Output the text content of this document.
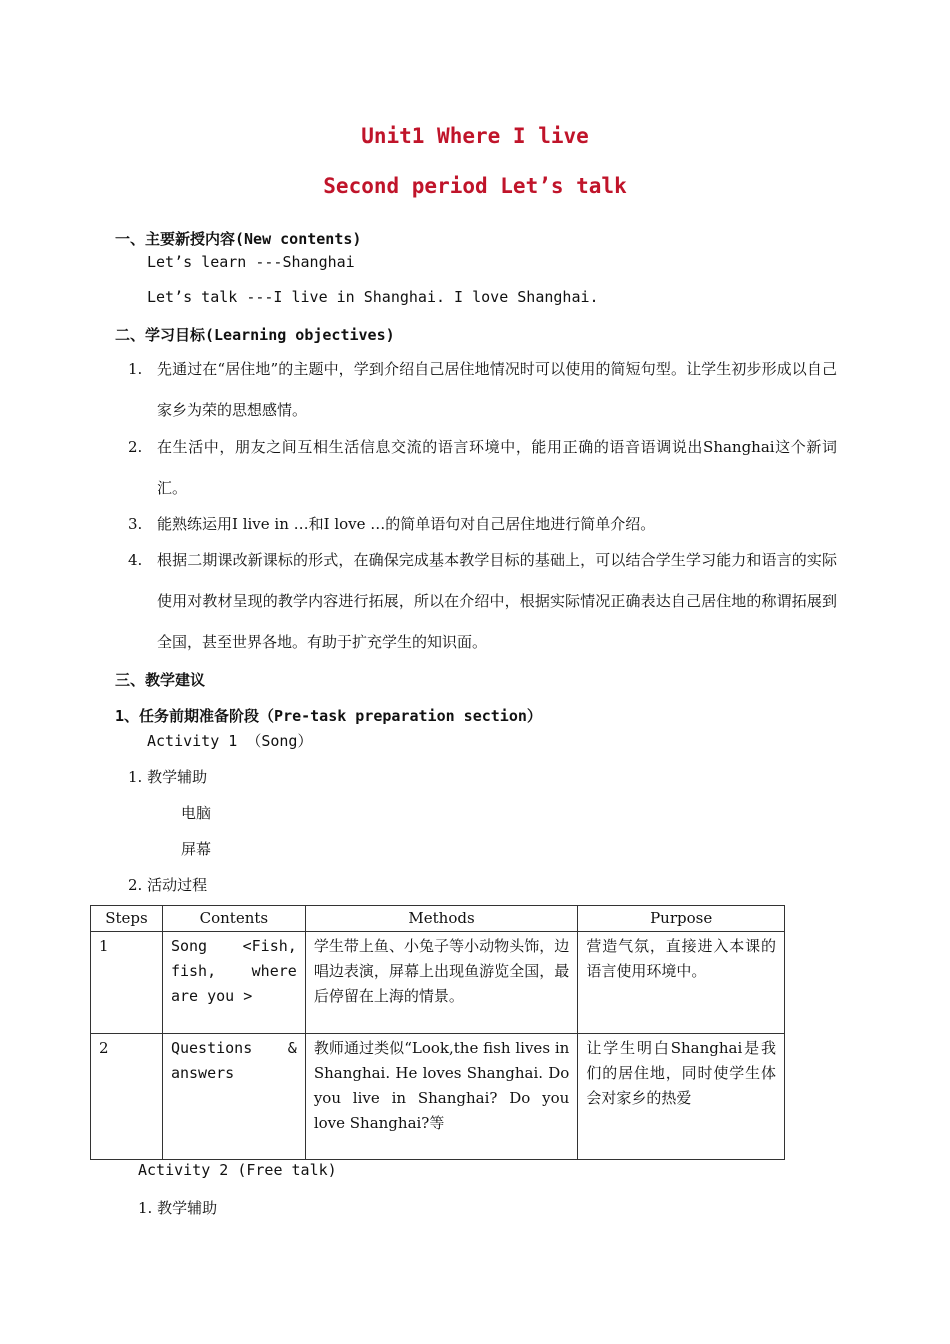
Unit1 Where I live
Second period Let’s talk
一、主要新授内容(New contents)
Let’s learn ---Shanghai
Let’s talk ---I live in Shanghai. I love Shanghai.
二、学习目标(Learning objectives)
1. 先通过在“居住地”的主题中，学到介绍自己居住地情况时可以使用的简短句型。让学生初步形成以自己家乡为荣的思想感情。
2. 在生活中，朋友之间互相生活信息交流的语言环境中，能用正确的语音语调说出Shanghai这个新词汇。
3. 能熟练运用I live in …和I love …的简单语句对自己居住地进行简单介绍。
4. 根据二期课改新课标的形式，在确保完成基本教学目标的基础上，可以结合学生学习能力和语言的实际使用对教材呈现的教学内容进行拓展，所以在介绍中，根据实际情况正确表达自己居住地的称谓拓展到全国，甚至世界各地。有助于扩充学生的知识面。
三、教学建议
1、任务前期准备阶段（Pre-task preparation section）
Activity 1 （Song）
1. 教学辅助
电脑
屏幕
2. 活动过程
Steps	Contents	Methods	Purpose
1	Song <Fish, fish, where are you >	学生带上鱼、小兔子等小动物头饰，边唱边表演，屏幕上出现鱼游览全国，最后停留在上海的情景。	营造气氛，直接进入本课的语言使用环境中。
2	Questions & answers	教师通过类似“Look,the fish lives in Shanghai. He loves Shanghai. Do you live in Shanghai? Do you love Shanghai?等	让学生明白Shanghai是我们的居住地，同时使学生体会对家乡的热爱
Activity 2 (Free talk)
1. 教学辅助
